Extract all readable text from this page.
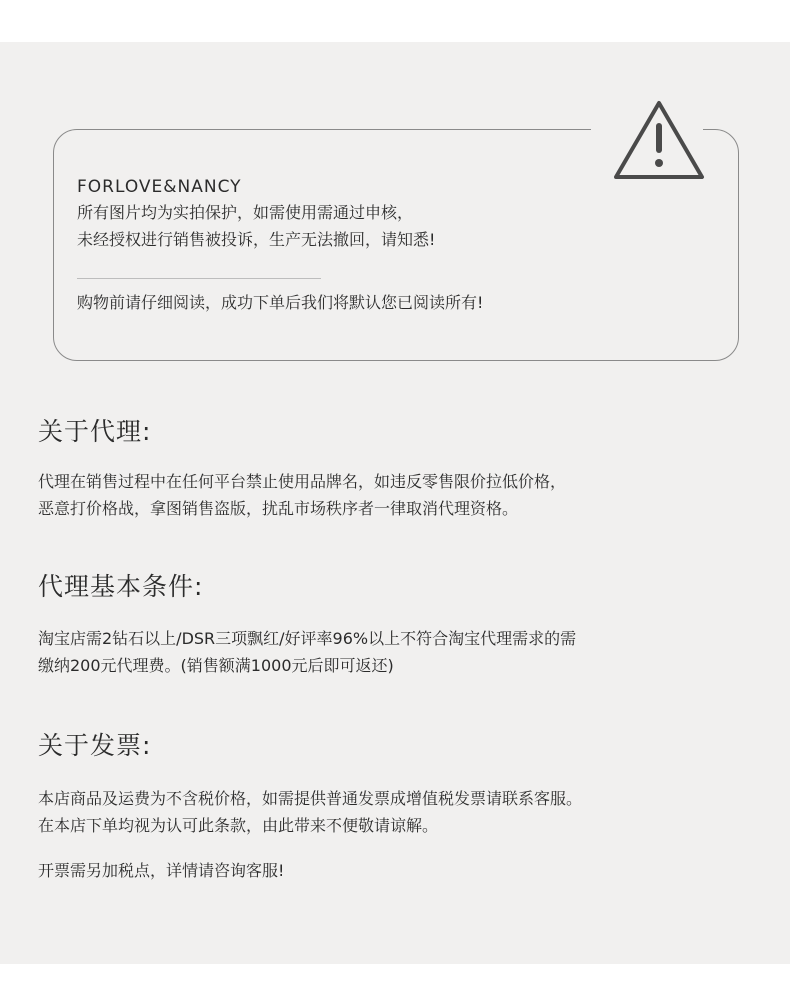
FORLOVE&NANCY
所有图片均为实拍保护，如需使用需通过申核，
未经授权进行销售被投诉，生产无法撤回，请知悉!
购物前请仔细阅读，成功下单后我们将默认您已阅读所有!
关于代理:
代理在销售过程中在任何平台禁止使用品牌名，如违反零售限价拉低价格，
恶意打价格战，拿图销售盗版，扰乱市场秩序者一律取消代理资格。
代理基本条件:
淘宝店需2钻石以上/DSR三项飘红/好评率96%以上不符合淘宝代理需求的需
缴纳200元代理费。(销售额满1000元后即可返还)
关于发票:
本店商品及运费为不含税价格，如需提供普通发票成增值税发票请联系客服。
在本店下单均视为认可此条款，由此带来不便敬请谅解。
开票需另加税点，详情请咨询客服!
